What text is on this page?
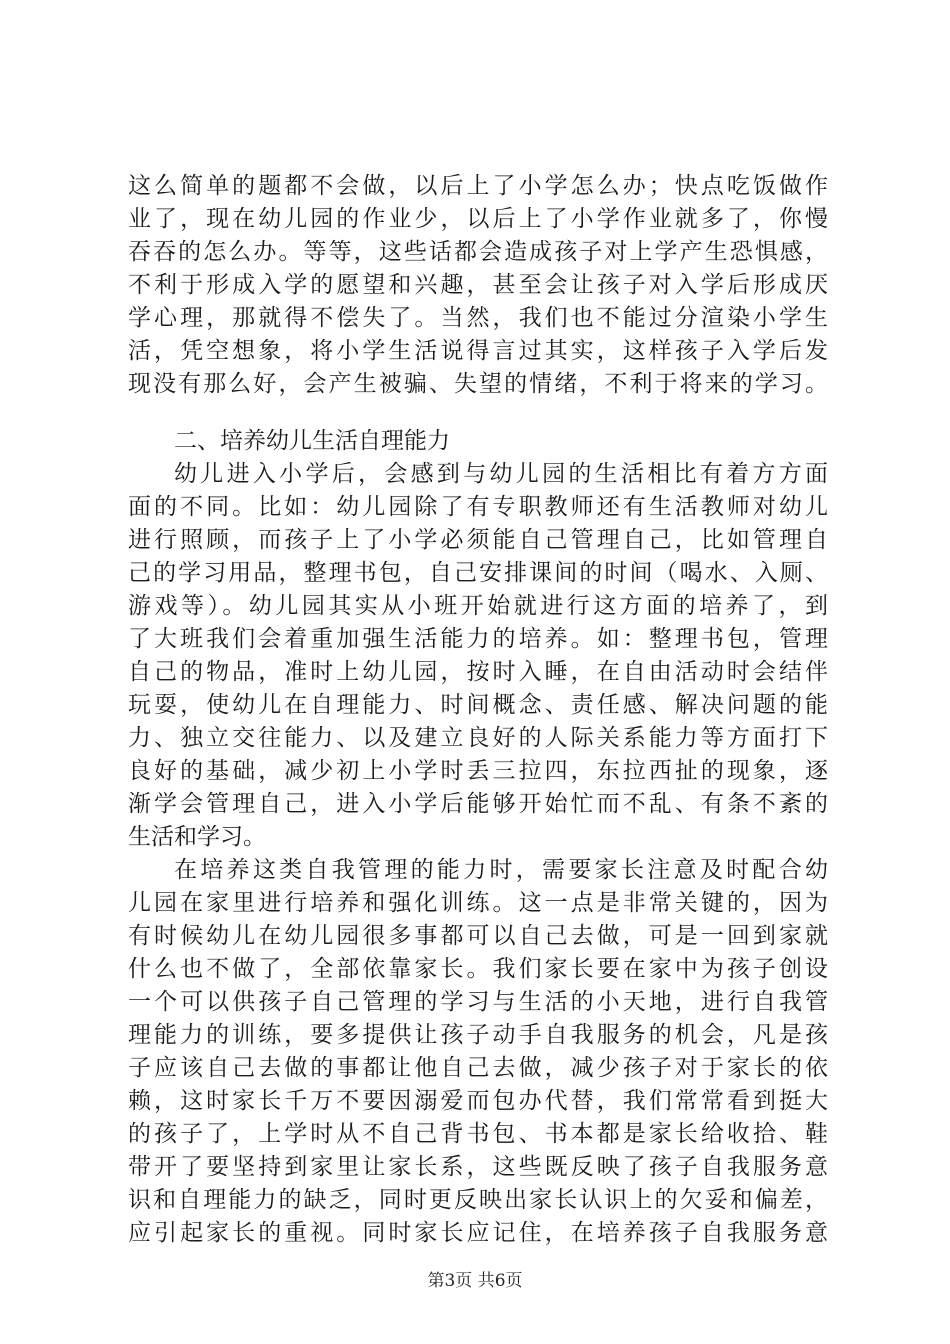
这么简单的题都不会做，以后上了小学怎么办；快点吃饭做作
业了，现在幼儿园的作业少，以后上了小学作业就多了，你慢
吞吞的怎么办。等等，这些话都会造成孩子对上学产生恐惧感，
不利于形成入学的愿望和兴趣，甚至会让孩子对入学后形成厌
学心理，那就得不偿失了。当然，我们也不能过分渲染小学生
活，凭空想象，将小学生活说得言过其实，这样孩子入学后发
现没有那么好，会产生被骗、失望的情绪，不利于将来的学习。
二、培养幼儿生活自理能力
幼儿进入小学后，会感到与幼儿园的生活相比有着方方面
面的不同。比如：幼儿园除了有专职教师还有生活教师对幼儿
进行照顾，而孩子上了小学必须能自己管理自己，比如管理自
己的学习用品，整理书包，自己安排课间的时间（喝水、入厕、
游戏等）。幼儿园其实从小班开始就进行这方面的培养了，到
了大班我们会着重加强生活能力的培养。如：整理书包，管理
自己的物品，准时上幼儿园，按时入睡，在自由活动时会结伴
玩耍，使幼儿在自理能力、时间概念、责任感、解决问题的能
力、独立交往能力、以及建立良好的人际关系能力等方面打下
良好的基础，减少初上小学时丢三拉四，东拉西扯的现象，逐
渐学会管理自己，进入小学后能够开始忙而不乱、有条不紊的
生活和学习。
在培养这类自我管理的能力时，需要家长注意及时配合幼
儿园在家里进行培养和强化训练。这一点是非常关键的，因为
有时候幼儿在幼儿园很多事都可以自己去做，可是一回到家就
什么也不做了，全部依靠家长。我们家长要在家中为孩子创设
一个可以供孩子自己管理的学习与生活的小天地，进行自我管
理能力的训练，要多提供让孩子动手自我服务的机会，凡是孩
子应该自己去做的事都让他自己去做，减少孩子对于家长的依
赖，这时家长千万不要因溺爱而包办代替，我们常常看到挺大
的孩子了，上学时从不自己背书包、书本都是家长给收拾、鞋
带开了要坚持到家里让家长系，这些既反映了孩子自我服务意
识和自理能力的缺乏，同时更反映出家长认识上的欠妥和偏差，
应引起家长的重视。同时家长应记住，在培养孩子自我服务意
第3页 共6页
